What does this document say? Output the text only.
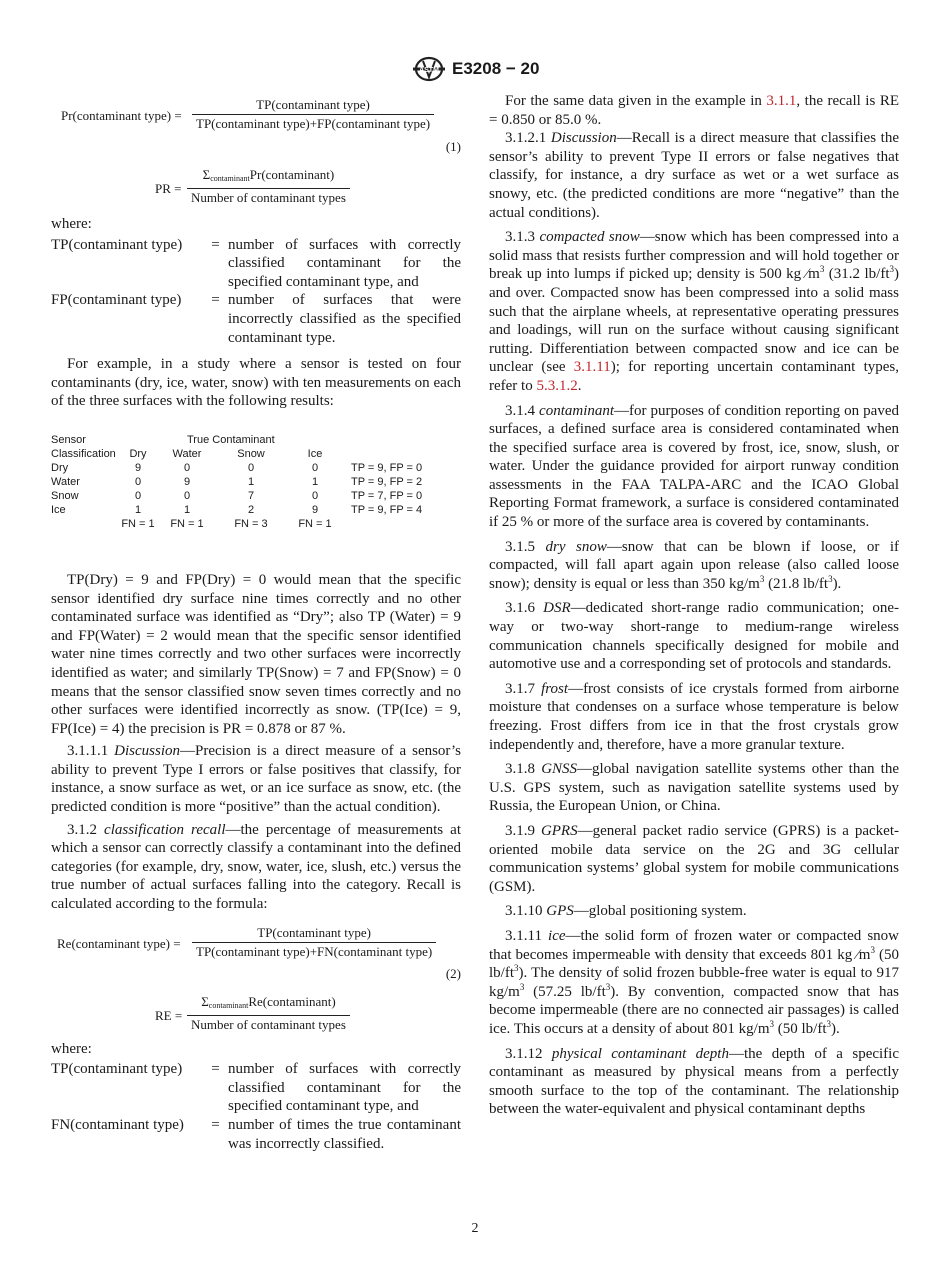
ASTM E3208 − 20
Pr(contaminant type) =
TP(contaminant type)
TP(contaminant type)+FP(contaminant type)
(1)
PR =
$\Sigma_{contaminant}Pr(contaminant)$
Number of contaminant types

where:

TP(contaminant type)	= number of surfaces with correctly classified contaminant for the specified contaminant type, and
FP(contaminant type)	= number of surfaces that were incorrectly classified as the specified contaminant type.

For example, in a study where a sensor is tested on four contaminants (dry, ice, water, snow) with ten measurements on each of the three surfaces with the following results:

Sensor	True Contaminant				
Classification	Dry	Water	Snow	Ice	
Dry	9	0	0	0	TP = 9, FP = 0
Water	0	9	1	1	TP = 9, FP = 2
Snow	0	0	7	0	TP = 7, FP = 0
Ice	1	1	2	9	TP = 9, FP = 4
	FN = 1	FN = 1	FN = 3	FN = 1	

TP(Dry) = 9 and FP(Dry) = 0 would mean that the specific sensor identified dry surface nine times correctly and no other contaminated surface was identified as “Dry”; also TP (Water) = 9 and FP(Water) = 2 would mean that the specific sensor identified water nine times correctly and two other surfaces were incorrectly identified as water; and similarly TP(Snow) = 7 and FP(Snow) = 0 means that the sensor classified snow seven times correctly and no other surfaces were identified incorrectly as snow. (TP(Ice) = 9, FP(Ice) = 4) the precision is PR = 0.878 or 87 %.

3.1.1.1 Discussion—Precision is a direct measure of a sensor’s ability to prevent Type I errors or false positives that classify, for instance, a snow surface as wet, or an ice surface as snow, etc. (the predicted condition is more “positive” than the actual condition).

3.1.2 classification recall—the percentage of measurements at which a sensor can correctly classify a contaminant into the defined categories (for example, dry, snow, water, ice, slush, etc.) versus the true number of actual surfaces falling into the category. Recall is calculated according to the formula:

Re(contaminant type) =
TP(contaminant type)
TP(contaminant type)+FN(contaminant type)
(2)
RE =
$\Sigma_{contaminant}Re(contaminant)$
Number of contaminant types

where:

TP(contaminant type)	= number of surfaces with correctly classified contaminant for the specified contaminant type, and
FN(contaminant type)	= number of times the true contaminant was incorrectly classified.

For the same data given in the example in 3.1.1, the recall is RE = 0.850 or 85.0 %.

3.1.2.1 Discussion—Recall is a direct measure that classifies the sensor’s ability to prevent Type II errors or false negatives that classify, for instance, a dry surface as wet or a wet surface as snowy, etc. (the predicted conditions are more “negative” than the actual conditions).

3.1.3 compacted snow—snow which has been compressed into a solid mass that resists further compression and will hold together or break up into lumps if picked up; density is 500 kg $⁄m^3$ (31.2 $lb/ft^3$) and over. Compacted snow has been compressed into a solid mass such that the airplane wheels, at representative operating pressures and loadings, will run on the surface without causing significant rutting. Differentiation between compacted snow and ice can be unclear (see 3.1.11); for reporting uncertain contaminant types, refer to 5.3.1.2.

3.1.4 contaminant—for purposes of condition reporting on paved surfaces, a defined surface area is considered contaminated when the specified surface area is covered by frost, ice, snow, slush, or water. Under the guidance provided for airport runway condition assessments in the FAA TALPA-ARC and the ICAO Global Reporting Format framework, a surface is considered contaminated if 25 % or more of the surface area is covered by contaminants.

3.1.5 dry snow—snow that can be blown if loose, or if compacted, will fall apart again upon release (also called loose snow); density is equal or less than 350 $kg/m^3$ (21.8 $lb/ft^3$).

3.1.6 DSR—dedicated short-range radio communication; one-way or two-way short-range to medium-range wireless communication channels specifically designed for mobile and automotive use and a corresponding set of protocols and standards.

3.1.7 frost—frost consists of ice crystals formed from airborne moisture that condenses on a surface whose temperature is below freezing. Frost differs from ice in that the frost crystals grow independently and, therefore, have a more granular texture.

3.1.8 GNSS—global navigation satellite systems other than the U.S. GPS system, such as navigation satellite systems used by Russia, the European Union, or China.

3.1.9 GPRS—general packet radio service (GPRS) is a packet-oriented mobile data service on the 2G and 3G cellular communication systems’ global system for mobile communications (GSM).

3.1.10 GPS—global positioning system.

3.1.11 ice—the solid form of frozen water or compacted snow that becomes impermeable with density that exceeds 801 kg $⁄m^3$ (50 $lb/ft^3$). The density of solid frozen bubble-free water is equal to 917 $kg/m^3$ (57.25 $lb/ft^3$). By convention, compacted snow that has become impermeable (there are no connected air passages) is called ice. This occurs at a density of about 801 $kg/m^3$ (50 $lb/ft^3$).

3.1.12 physical contaminant depth—the depth of a specific contaminant as measured by physical means from a perfectly smooth surface to the top of the contaminant. The relationship between the water-equivalent and physical contaminant depths

2
